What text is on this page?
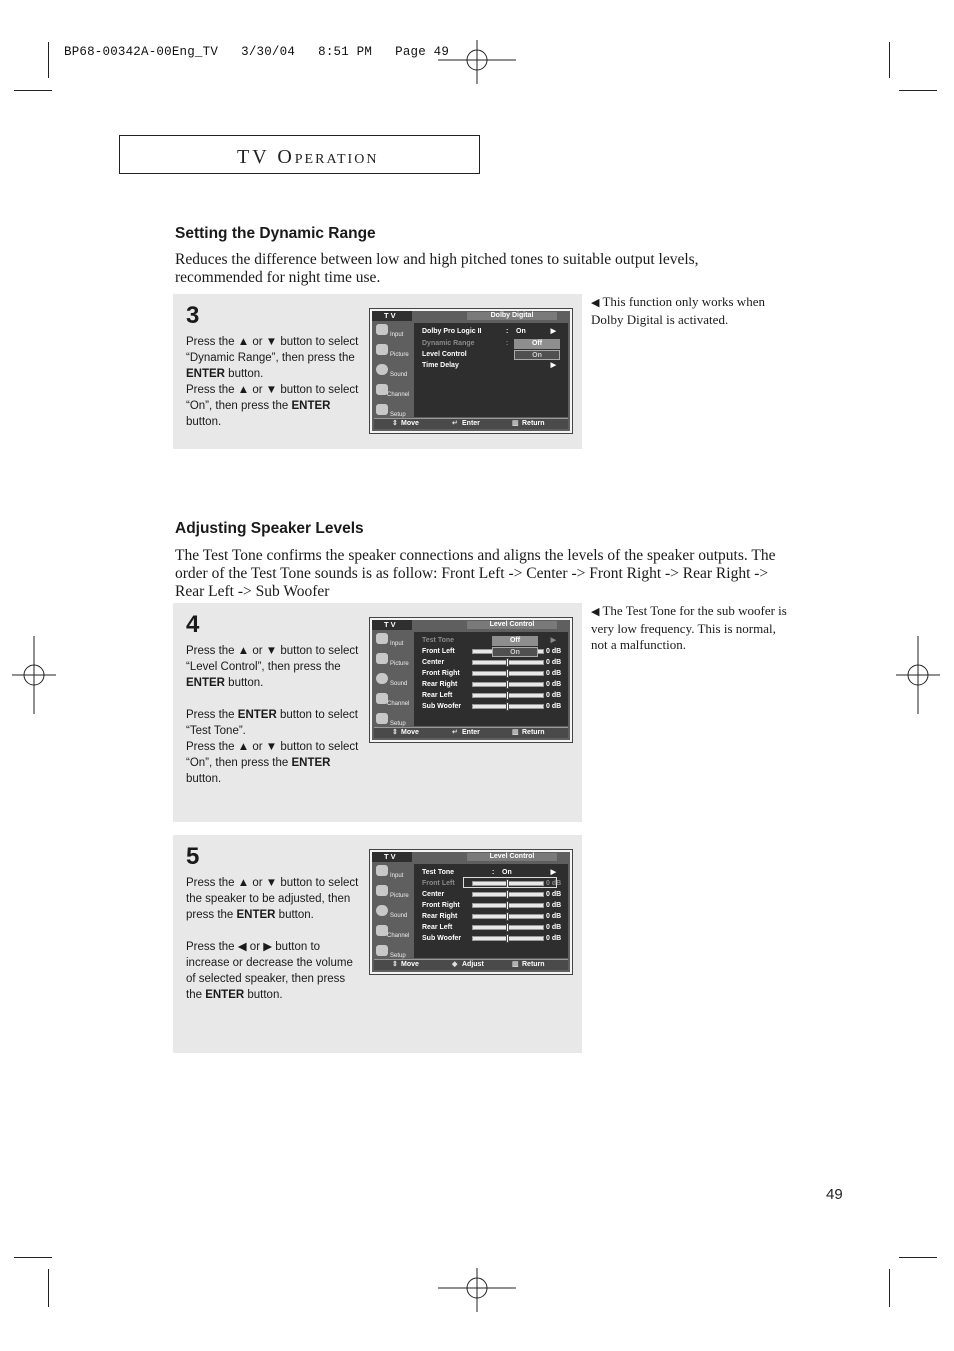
BP68-00342A-00Eng_TV   3/30/04   8:51 PM   Page 49
TV OPERATION
Setting the Dynamic Range
Reduces the difference between low and high pitched tones to suitable output levels, recommended for night time use.
3

Press the ▲ or ▼ button to select “Dynamic Range”, then press the ENTER button.

Press the ▲ or ▼ button to select “On”, then press the ENTER button.

T V	Dolby Digital
Input
Picture
Sound
Channel
Setup
Dolby Pro Logic II	: On	▶
Dynamic Range	:
Level Control
Time Delay	▶
Off
On
⇕ Move	↵ Enter	▥ Return
◀ This function only works when Dolby Digital is activated.
Adjusting Speaker Levels
The Test Tone confirms the speaker connections and aligns the levels of the speaker outputs. The order of the Test Tone sounds is as follow: Front Left -> Center -> Front Right -> Rear Right -> Rear Left -> Sub Woofer
4

Press the ▲ or ▼ button to select “Level Control”, then press the ENTER button.

Press the ENTER button to select “Test Tone”.

Press the ▲ or ▼ button to select “On”, then press the ENTER button.

T V	Level Control
Input
Picture
Sound
Channel
Setup
Test Tone	▶
Front Left	0 dB
Center	0 dB
Front Right	0 dB
Rear Right	0 dB
Rear Left	0 dB
Sub Woofer	0 dB
Off
On
⇕ Move	↵ Enter	▥ Return
◀ The Test Tone for the sub woofer is very low frequency. This is normal, not a malfunction.
5

Press the ▲ or ▼ button to select the speaker to be adjusted, then press the ENTER button.

Press the ◀ or ▶ button to increase or decrease the volume of selected speaker, then press the ENTER button.

T V	Level Control
Input
Picture
Sound
Channel
Setup
Test Tone	: On	▶
Front Left	0 dB
Center	0 dB
Front Right	0 dB
Rear Right	0 dB
Rear Left	0 dB
Sub Woofer	0 dB
⇕ Move	◆ Adjust	▥ Return
49
